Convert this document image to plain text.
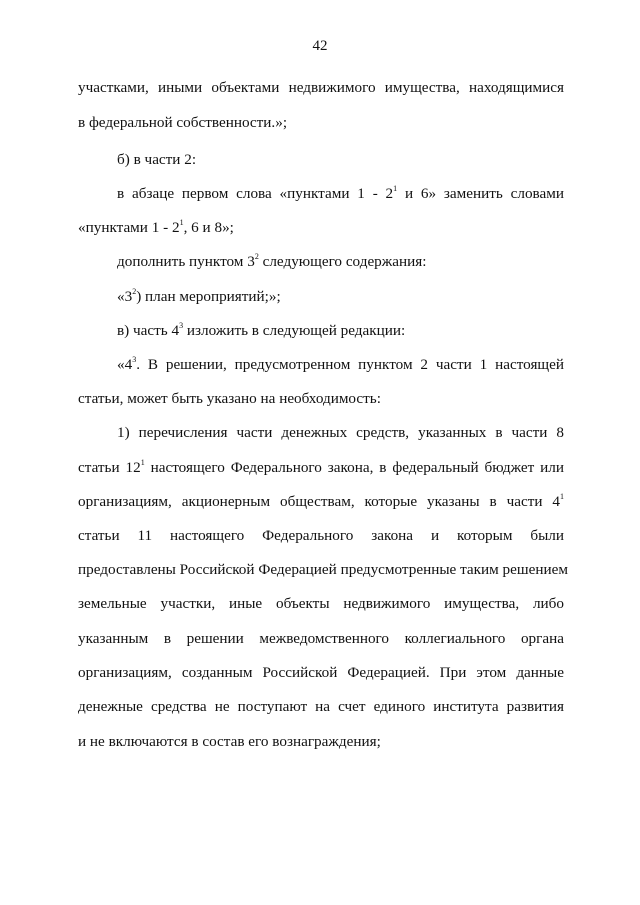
42
участками, иными объектами недвижимого имущества, находящимися
в федеральной собственности.»;
б) в части 2:
в абзаце первом слова «пунктами $1 - 2^1$ и 6» заменить словами
«пунктами $1 - 2^1$, 6 и 8»;
дополнить пунктом $3^2$ следующего содержания:
«$3^2$) план мероприятий;»;
в) часть $4^3$ изложить в следующей редакции:
«$4^3$. В решении, предусмотренном пунктом 2 части 1 настоящей
статьи, может быть указано на необходимость:
1) перечисления части денежных средств, указанных в части 8
статьи $12^1$ настоящего Федерального закона, в федеральный бюджет или
организациям, акционерным обществам, которые указаны в части $4^1$
статьи 11 настоящего Федерального закона и которым были
предоставлены Российской Федерацией предусмотренные таким решением
земельные участки, иные объекты недвижимого имущества, либо
указанным в решении межведомственного коллегиального органа
организациям, созданным Российской Федерацией. При этом данные
денежные средства не поступают на счет единого института развития
и не включаются в состав его вознаграждения;
